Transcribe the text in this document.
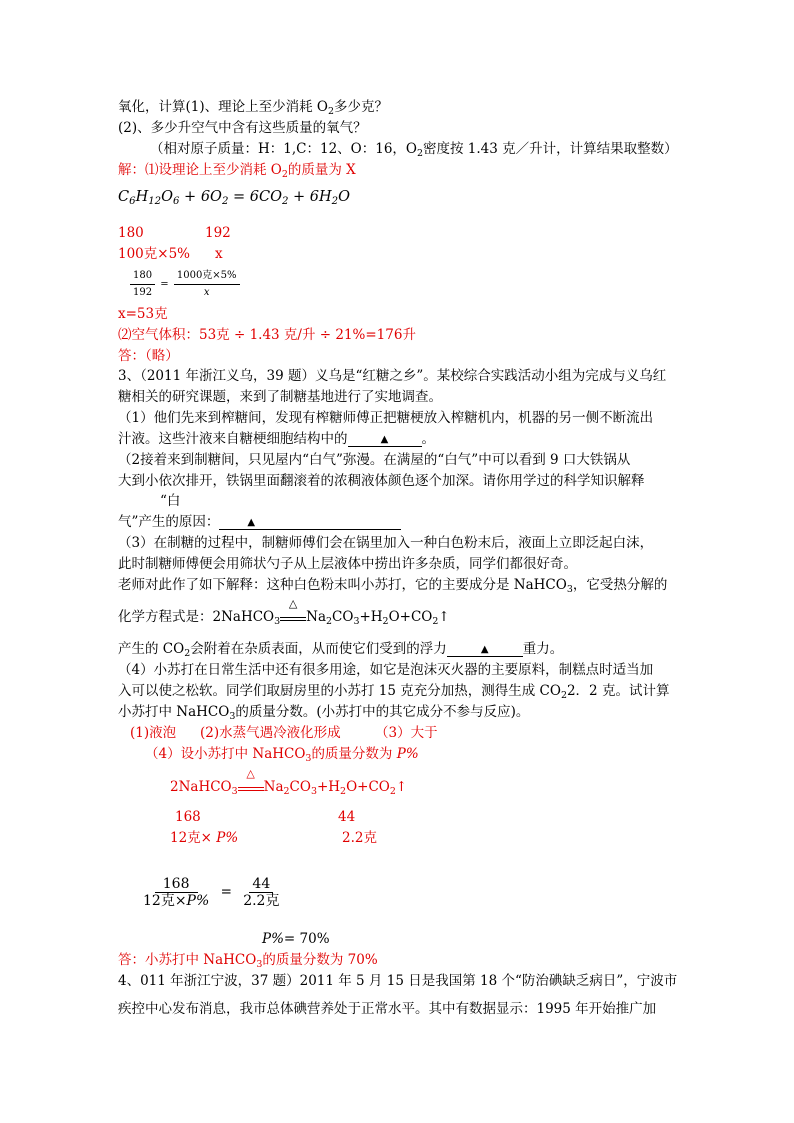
氧化，计算(1)、理论上至少消耗 $O_2$多少克？
(2)、多少升空气中含有这些质量的氧气？
（相对原子质量：H：1,C：12、O：16，$O_2$密度按 1.43 克／升计，计算结果取整数）
解：⑴设理论上至少消耗 $O_2$的质量为 X
$C_6H_{12}O_6 + 6O_2 = 6CO_2 + 6H_2O$
180	192
100克×5% x
$\frac{180}{192} = \frac{\text{1000克×5\%}}{x}$
x=53克
⑵空气体积：53克 ÷ 1.43 克/升 ÷ 21%=176升
答：（略）
3、（2011 年浙江义乌，39 题）义乌是“红糖之乡”。某校综合实践活动小组为完成与义乌红
糖相关的研究课题，来到了制糖基地进行了实地调查。
（1）他们先来到榨糖间，发现有榨糖师傅正把糖梗放入榨糖机内，机器的另一侧不断流出
汁液。这些汁液来自糖梗细胞结构中的	▲ 。
（2接着来到制糖间，只见屋内“白气”弥漫。在满屋的“白气”中可以看到 9 口大铁锅从
大到小依次排开，铁锅里面翻滚着的浓稠液体颜色逐个加深。请你用学过的科学知识解释
“白
气”产生的原因：	▲
（3）在制糖的过程中，制糖师傅们会在锅里加入一种白色粉末后，液面上立即泛起白沫，
此时制糖师傅便会用筛状勺子从上层液体中捞出许多杂质，同学们都很好奇。
老师对此作了如下解释：这种白色粉末叫小苏打，它的主要成分是 NaHCO$_3$，它受热分解的
化学方程式是：2NaHCO$_3$
△
$Na_2CO_3+H_2O+CO_2↑$
产生的 $CO_2$会附着在杂质表面，从而使它们受到的浮力	▲	重力。
（4）小苏打在日常生活中还有很多用途，如它是泡沫灭火器的主要原料，制糕点时适当加
入可以使之松软。同学们取厨房里的小苏打 15 克充分加热，测得生成 $CO_22$．2 克。试计算
小苏打中 NaHCO$_3$的质量分数。(小苏打中的其它成分不参与反应)。
(1)液泡 (2)水蒸气遇冷液化形成	（3）大于
（4）设小苏打中 NaHCO$_3$的质量分数为 P%
2NaHCO$_3$
△
$Na_2CO_3+H_2O+CO_2↑$
168	44
12克× P%	2.2克
$\frac{168}{\text{12克×P\%}} = \frac{44}{\text{2.2克}}$
P%= 70%
答：小苏打中 NaHCO$_3$的质量分数为 70%
4、011 年浙江宁波，37 题）2011 年 5 月 15 日是我国第 18 个“防治碘缺乏病日”，宁波市
疾控中心发布消息，我市总体碘营养处于正常水平。其中有数据显示：1995 年开始推广加
